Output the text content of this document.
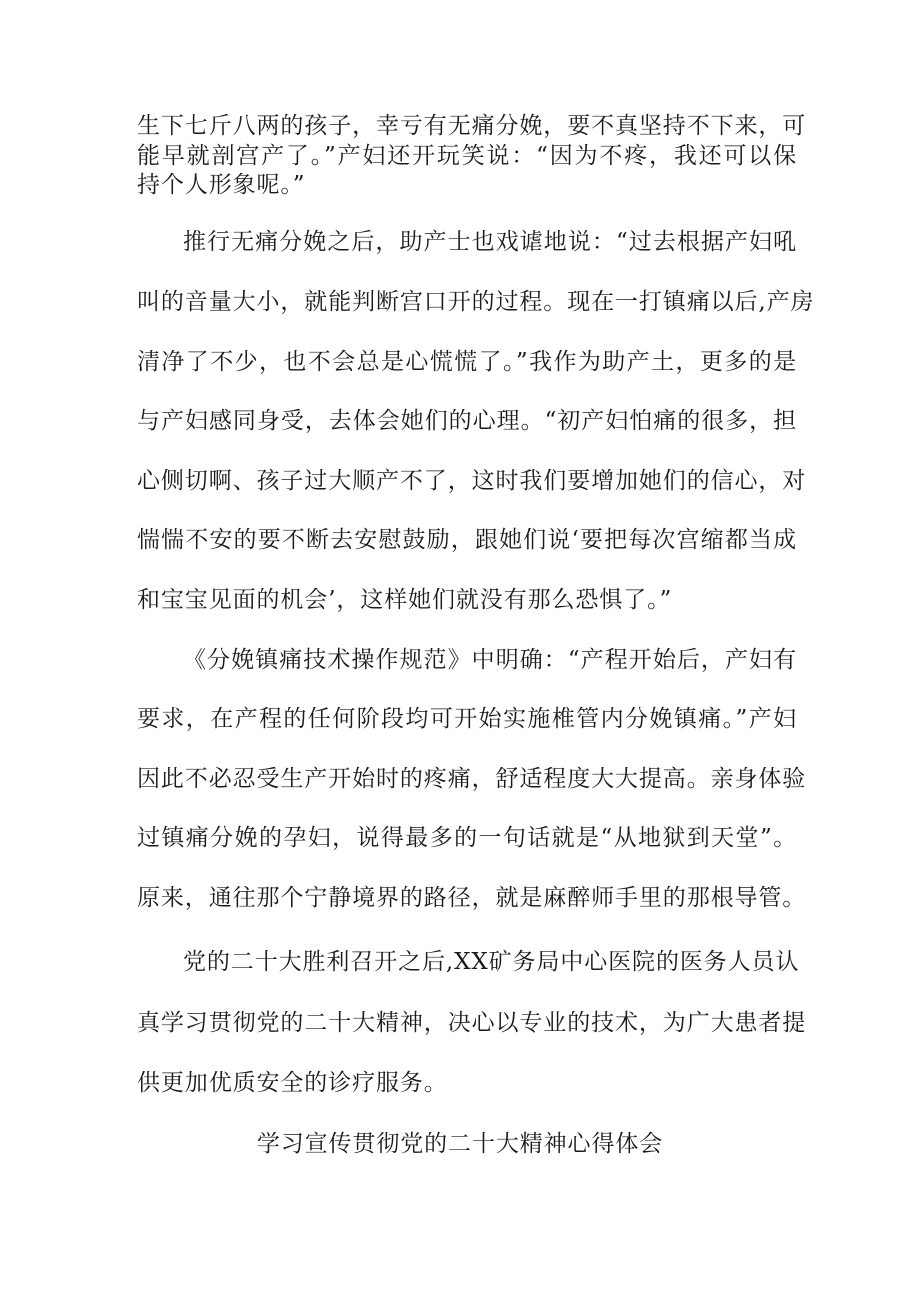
生下七斤八两的孩子，幸亏有无痛分娩，要不真坚持不下来，可
能早就剖宫产了。”产妇还开玩笑说：“因为不疼，我还可以保
持个人形象呢。”
推行无痛分娩之后，助产士也戏谑地说：“过去根据产妇吼
叫的音量大小，就能判断宫口开的过程。现在一打镇痛以后,产房
清净了不少，也不会总是心慌慌了。”我作为助产土，更多的是
与产妇感同身受，去体会她们的心理。“初产妇怕痛的很多，担
心侧切啊、孩子过大顺产不了，这时我们要增加她们的信心，对
惴惴不安的要不断去安慰鼓励，跟她们说‘要把每次宫缩都当成
和宝宝见面的机会’，这样她们就没有那么恐惧了。”
《分娩镇痛技术操作规范》中明确：“产程开始后，产妇有
要求，在产程的任何阶段均可开始实施椎管内分娩镇痛。”产妇
因此不必忍受生产开始时的疼痛，舒适程度大大提高。亲身体验
过镇痛分娩的孕妇，说得最多的一句话就是“从地狱到天堂”。
原来，通往那个宁静境界的路径，就是麻醉师手里的那根导管。
党的二十大胜利召开之后,XX矿务局中心医院的医务人员认
真学习贯彻党的二十大精神，决心以专业的技术，为广大患者提
供更加优质安全的诊疗服务。
学习宣传贯彻党的二十大精神心得体会
